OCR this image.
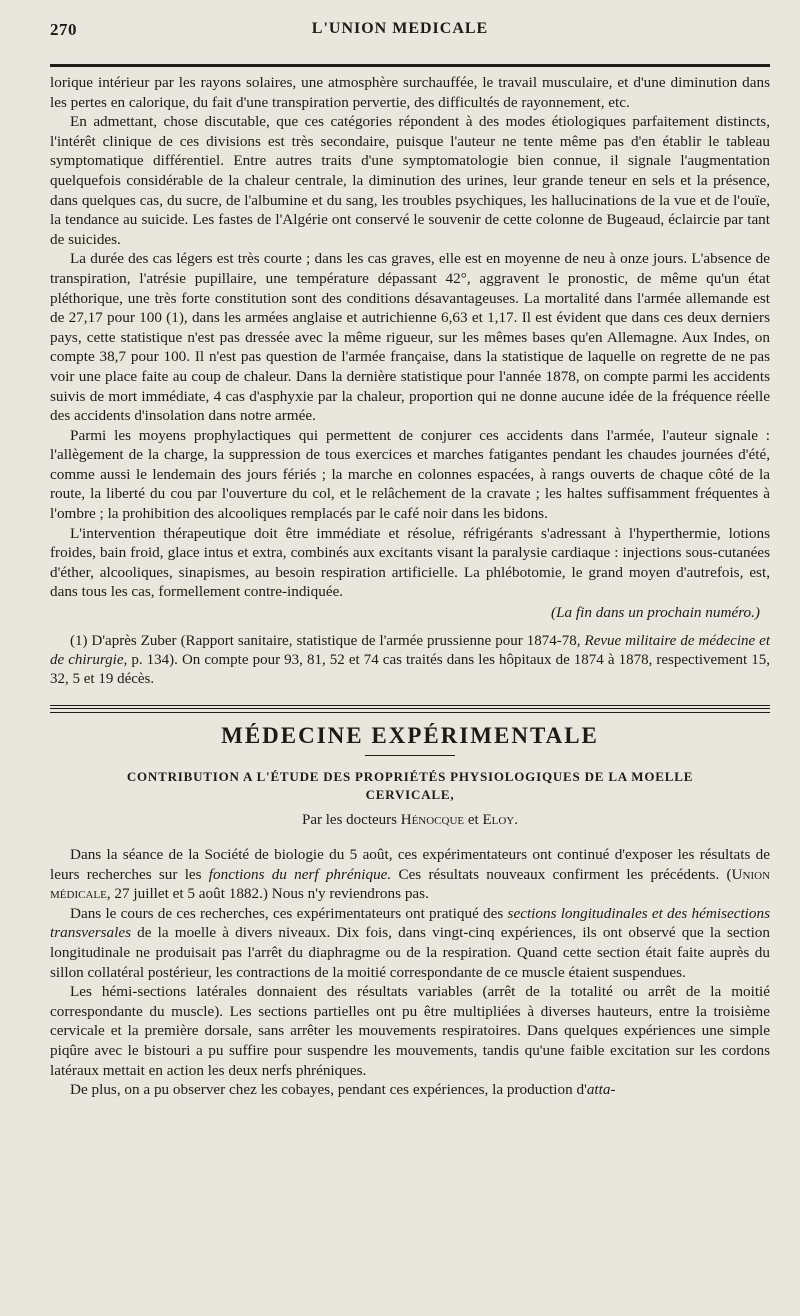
270	L'UNION MEDICALE

lorique intérieur par les rayons solaires, une atmosphère surchauffée, le travail musculaire, et d'une diminution dans les pertes en calorique, du fait d'une transpiration pervertie, des difficultés de rayonnement, etc.

En admettant, chose discutable, que ces catégories répondent à des modes étiologiques parfaitement distincts, l'intérêt clinique de ces divisions est très secondaire, puisque l'auteur ne tente même pas d'en établir le tableau symptomatique différentiel. Entre autres traits d'une symptomatologie bien connue, il signale l'augmentation quelquefois considérable de la chaleur centrale, la diminution des urines, leur grande teneur en sels et la présence, dans quelques cas, du sucre, de l'albumine et du sang, les troubles psychiques, les hallucinations de la vue et de l'ouïe, la tendance au suicide. Les fastes de l'Algérie ont conservé le souvenir de cette colonne de Bugeaud, éclaircie par tant de suicides.

La durée des cas légers est très courte ; dans les cas graves, elle est en moyenne de neu à onze jours. L'absence de transpiration, l'atrésie pupillaire, une température dépassant 42°, aggravent le pronostic, de même qu'un état pléthorique, une très forte constitution sont des conditions désavantageuses. La mortalité dans l'armée allemande est de 27,17 pour 100 (1), dans les armées anglaise et autrichienne 6,63 et 1,17. Il est évident que dans ces deux derniers pays, cette statistique n'est pas dressée avec la même rigueur, sur les mêmes bases qu'en Allemagne. Aux Indes, on compte 38,7 pour 100. Il n'est pas question de l'armée française, dans la statistique de laquelle on regrette de ne pas voir une place faite au coup de chaleur. Dans la dernière statistique pour l'année 1878, on compte parmi les accidents suivis de mort immédiate, 4 cas d'asphyxie par la chaleur, proportion qui ne donne aucune idée de la fréquence réelle des accidents d'insolation dans notre armée.

Parmi les moyens prophylactiques qui permettent de conjurer ces accidents dans l'armée, l'auteur signale : l'allègement de la charge, la suppression de tous exercices et marches fatigantes pendant les chaudes journées d'été, comme aussi le lendemain des jours fériés ; la marche en colonnes espacées, à rangs ouverts de chaque côté de la route, la liberté du cou par l'ouverture du col, et le relâchement de la cravate ; les haltes suffisamment fréquentes à l'ombre ; la prohibition des alcooliques remplacés par le café noir dans les bidons.

L'intervention thérapeutique doit être immédiate et résolue, réfrigérants s'adressant à l'hyperthermie, lotions froides, bain froid, glace intus et extra, combinés aux excitants visant la paralysie cardiaque : injections sous-cutanées d'éther, alcooliques, sinapismes, au besoin respiration artificielle. La phlébotomie, le grand moyen d'autrefois, est, dans tous les cas, formellement contre-indiquée.

(La fin dans un prochain numéro.)

(1) D'après Zuber (Rapport sanitaire, statistique de l'armée prussienne pour 1874-78, Revue militaire de médecine et de chirurgie, p. 134). On compte pour 93, 81, 52 et 74 cas traités dans les hôpitaux de 1874 à 1878, respectivement 15, 32, 5 et 19 décès.

MÉDECINE EXPÉRIMENTALE
CONTRIBUTION A L'ÉTUDE DES PROPRIÉTÉS PHYSIOLOGIQUES DE LA MOELLE CERVICALE,
Par les docteurs Hénocque et Eloy.

Dans la séance de la Société de biologie du 5 août, ces expérimentateurs ont continué d'exposer les résultats de leurs recherches sur les fonctions du nerf phrénique. Ces résultats nouveaux confirment les précédents. (Union médicale, 27 juillet et 5 août 1882.) Nous n'y reviendrons pas.

Dans le cours de ces recherches, ces expérimentateurs ont pratiqué des sections longitudinales et des hémisections transversales de la moelle à divers niveaux. Dix fois, dans vingt-cinq expériences, ils ont observé que la section longitudinale ne produisait pas l'arrêt du diaphragme ou de la respiration. Quand cette section était faite auprès du sillon collatéral postérieur, les contractions de la moitié correspondante de ce muscle étaient suspendues.

Les hémi-sections latérales donnaient des résultats variables (arrêt de la totalité ou arrêt de la moitié correspondante du muscle). Les sections partielles ont pu être multipliées à diverses hauteurs, entre la troisième cervicale et la première dorsale, sans arrêter les mouvements respiratoires. Dans quelques expériences une simple piqûre avec le bistouri a pu suffire pour suspendre les mouvements, tandis qu'une faible excitation sur les cordons latéraux mettait en action les deux nerfs phréniques.

De plus, on a pu observer chez les cobayes, pendant ces expériences, la production d'atta-
